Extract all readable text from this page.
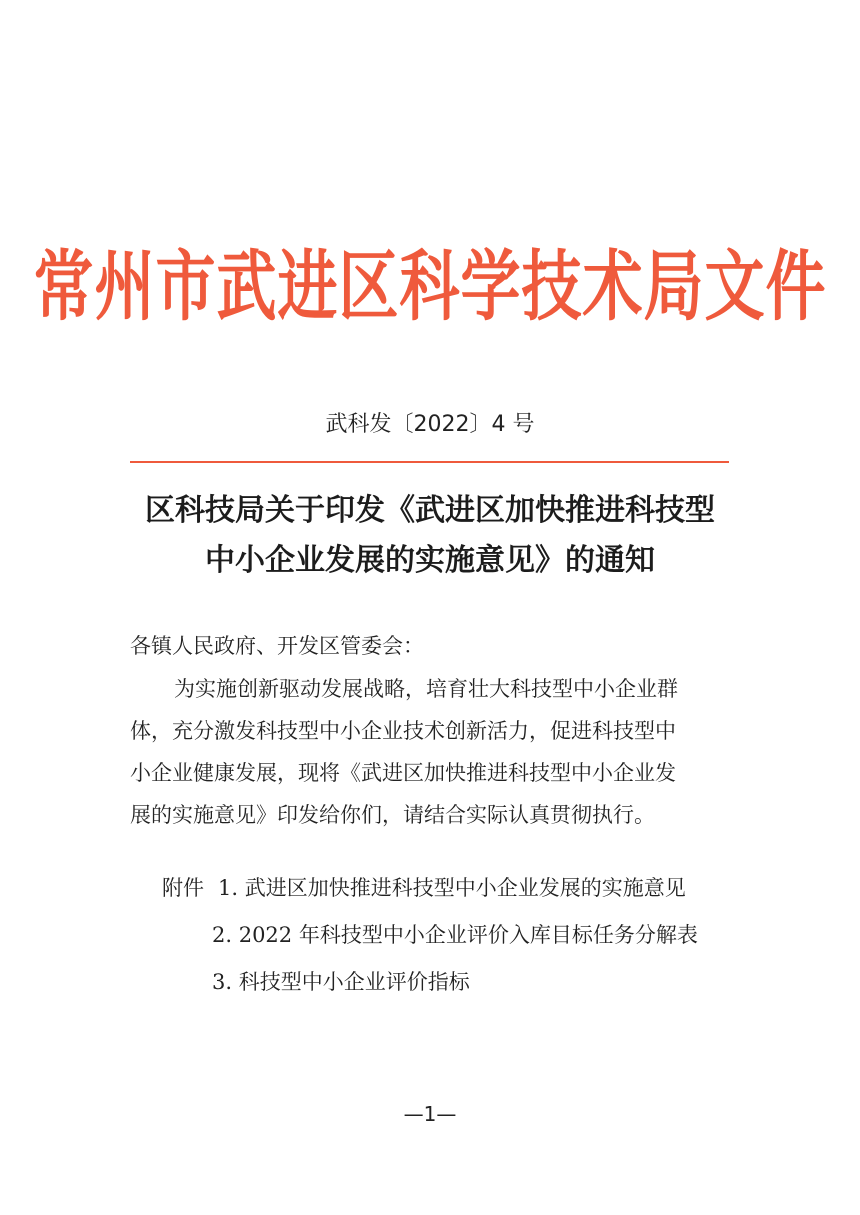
常州市武进区科学技术局文件
武科发〔2022〕4 号
区科技局关于印发《武进区加快推进科技型
中小企业发展的实施意见》的通知
各镇人民政府、开发区管委会：
为实施创新驱动发展战略，培育壮大科技型中小企业群
体，充分激发科技型中小企业技术创新活力，促进科技型中
小企业健康发展，现将《武进区加快推进科技型中小企业发
展的实施意见》印发给你们，请结合实际认真贯彻执行。
附件 1. 武进区加快推进科技型中小企业发展的实施意见
2. 2022 年科技型中小企业评价入库目标任务分解表
3. 科技型中小企业评价指标
—1—
